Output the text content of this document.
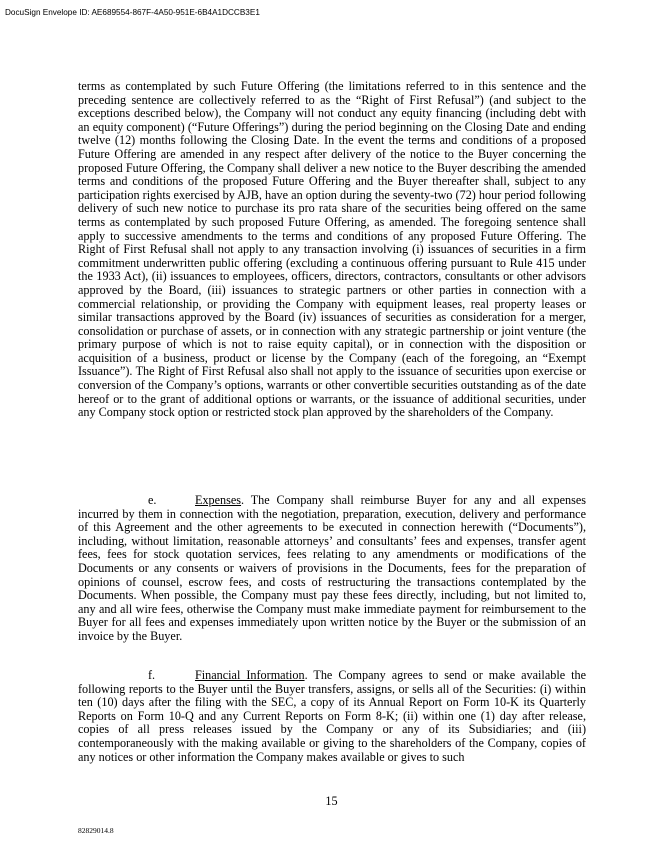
DocuSign Envelope ID: AE689554-867F-4A50-951E-6B4A1DCCB3E1
terms as contemplated by such Future Offering (the limitations referred to in this sentence and the preceding sentence are collectively referred to as the “Right of First Refusal”) (and subject to the exceptions described below), the Company will not conduct any equity financing (including debt with an equity component) (“Future Offerings”) during the period beginning on the Closing Date and ending twelve (12) months following the Closing Date. In the event the terms and conditions of a proposed Future Offering are amended in any respect after delivery of the notice to the Buyer concerning the proposed Future Offering, the Company shall deliver a new notice to the Buyer describing the amended terms and conditions of the proposed Future Offering and the Buyer thereafter shall, subject to any participation rights exercised by AJB, have an option during the seventy-two (72) hour period following delivery of such new notice to purchase its pro rata share of the securities being offered on the same terms as contemplated by such proposed Future Offering, as amended. The foregoing sentence shall apply to successive amendments to the terms and conditions of any proposed Future Offering. The Right of First Refusal shall not apply to any transaction involving (i) issuances of securities in a firm commitment underwritten public offering (excluding a continuous offering pursuant to Rule 415 under the 1933 Act), (ii) issuances to employees, officers, directors, contractors, consultants or other advisors approved by the Board, (iii) issuances to strategic partners or other parties in connection with a commercial relationship, or providing the Company with equipment leases, real property leases or similar transactions approved by the Board (iv) issuances of securities as consideration for a merger, consolidation or purchase of assets, or in connection with any strategic partnership or joint venture (the primary purpose of which is not to raise equity capital), or in connection with the disposition or acquisition of a business, product or license by the Company (each of the foregoing, an “Exempt Issuance”). The Right of First Refusal also shall not apply to the issuance of securities upon exercise or conversion of the Company’s options, warrants or other convertible securities outstanding as of the date hereof or to the grant of additional options or warrants, or the issuance of additional securities, under any Company stock option or restricted stock plan approved by the shareholders of the Company.
e.	Expenses. The Company shall reimburse Buyer for any and all expenses incurred by them in connection with the negotiation, preparation, execution, delivery and performance of this Agreement and the other agreements to be executed in connection herewith (“Documents”), including, without limitation, reasonable attorneys’ and consultants’ fees and expenses, transfer agent fees, fees for stock quotation services, fees relating to any amendments or modifications of the Documents or any consents or waivers of provisions in the Documents, fees for the preparation of opinions of counsel, escrow fees, and costs of restructuring the transactions contemplated by the Documents. When possible, the Company must pay these fees directly, including, but not limited to, any and all wire fees, otherwise the Company must make immediate payment for reimbursement to the Buyer for all fees and expenses immediately upon written notice by the Buyer or the submission of an invoice by the Buyer.
f.	Financial Information. The Company agrees to send or make available the following reports to the Buyer until the Buyer transfers, assigns, or sells all of the Securities: (i) within ten (10) days after the filing with the SEC, a copy of its Annual Report on Form 10-K its Quarterly Reports on Form 10-Q and any Current Reports on Form 8-K; (ii) within one (1) day after release, copies of all press releases issued by the Company or any of its Subsidiaries; and (iii) contemporaneously with the making available or giving to the shareholders of the Company, copies of any notices or other information the Company makes available or gives to such
15
82829014.8
